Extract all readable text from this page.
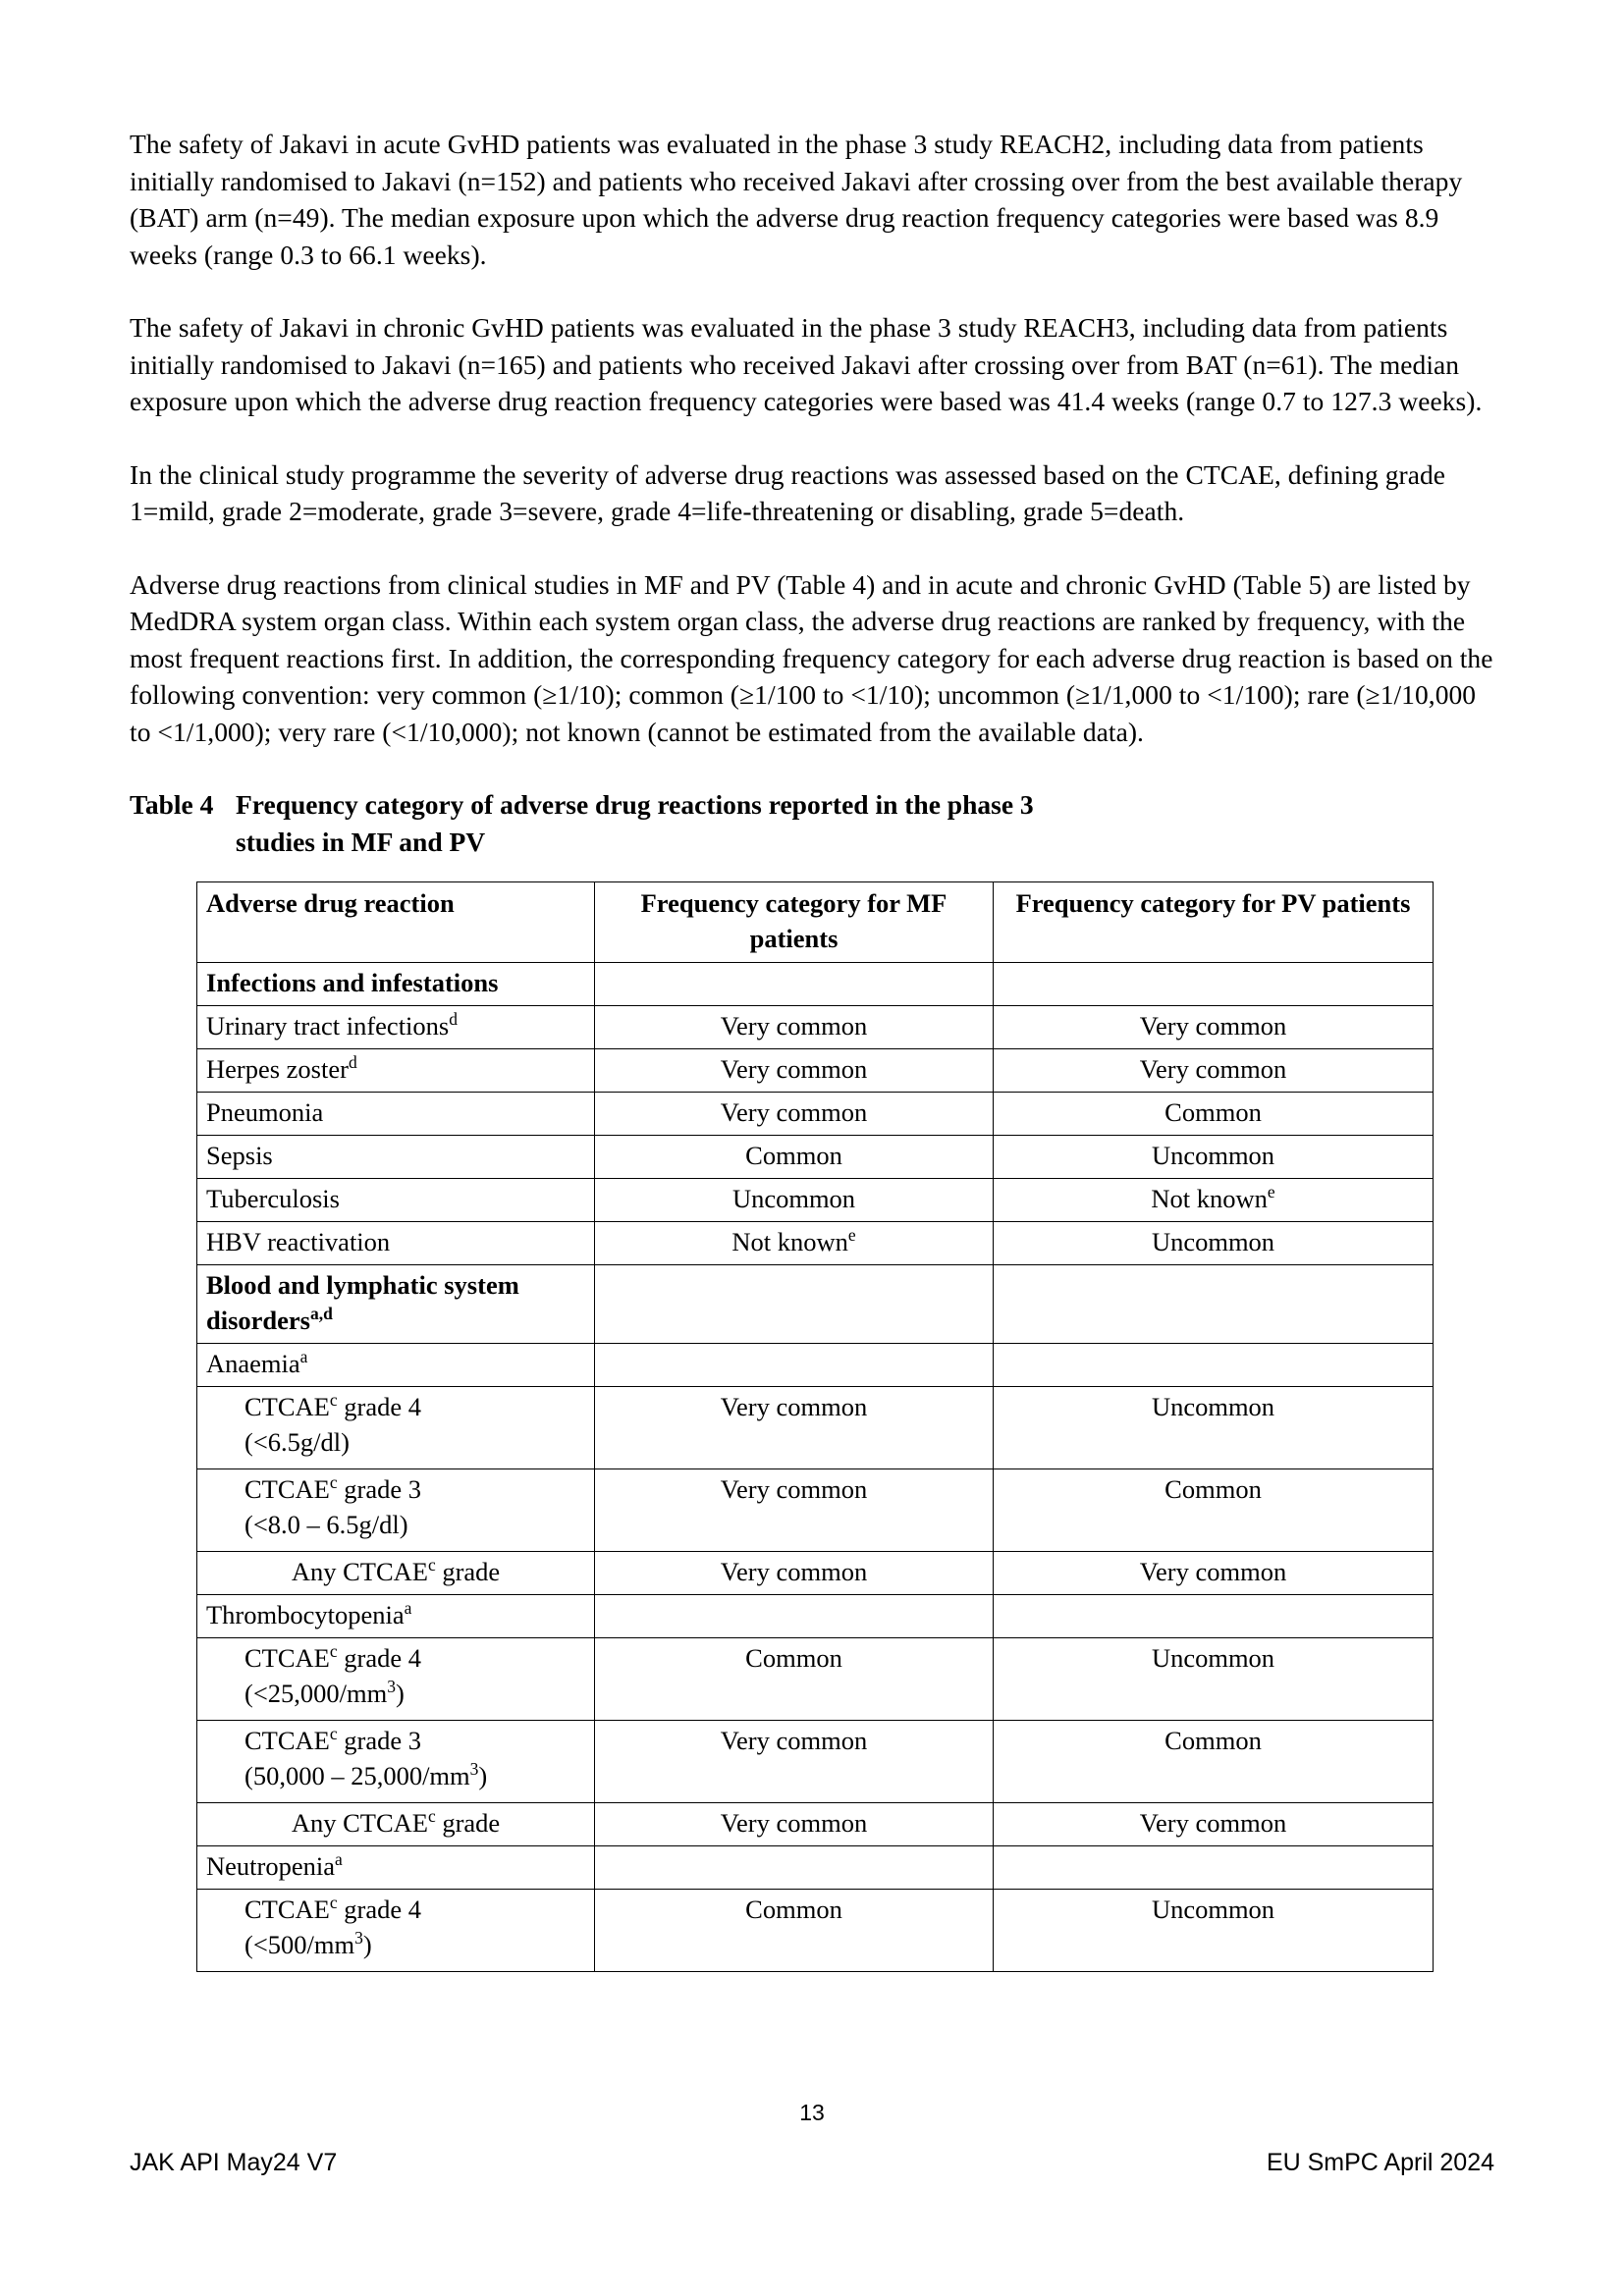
The safety of Jakavi in acute GvHD patients was evaluated in the phase 3 study REACH2, including data from patients initially randomised to Jakavi (n=152) and patients who received Jakavi after crossing over from the best available therapy (BAT) arm (n=49). The median exposure upon which the adverse drug reaction frequency categories were based was 8.9 weeks (range 0.3 to 66.1 weeks).

The safety of Jakavi in chronic GvHD patients was evaluated in the phase 3 study REACH3, including data from patients initially randomised to Jakavi (n=165) and patients who received Jakavi after crossing over from BAT (n=61). The median exposure upon which the adverse drug reaction frequency categories were based was 41.4 weeks (range 0.7 to 127.3 weeks).

In the clinical study programme the severity of adverse drug reactions was assessed based on the CTCAE, defining grade 1=mild, grade 2=moderate, grade 3=severe, grade 4=life-threatening or disabling, grade 5=death.

Adverse drug reactions from clinical studies in MF and PV (Table 4) and in acute and chronic GvHD (Table 5) are listed by MedDRA system organ class. Within each system organ class, the adverse drug reactions are ranked by frequency, with the most frequent reactions first. In addition, the corresponding frequency category for each adverse drug reaction is based on the following convention: very common (≥1/10); common (≥1/100 to <1/10); uncommon (≥1/1,000 to <1/100); rare (≥1/10,000 to <1/1,000); very rare (<1/10,000); not known (cannot be estimated from the available data).

Table 4 Frequency category of adverse drug reactions reported in the phase 3 studies in MF and PV
Adverse drug reaction	Frequency category for MF patients	Frequency category for PV patients
Infections and infestations		
Urinary tract infections$^d$	Very common	Very common
Herpes zoster$^d$	Very common	Very common
Pneumonia	Very common	Common
Sepsis	Common	Uncommon
Tuberculosis	Uncommon	Not known$^e$
HBV reactivation	Not known$^e$	Uncommon
Blood and lymphatic system disorders$^{a,d}$		
Anaemia$^a$		

CTCAE$^c$ grade 4
(<6.5g/dl)	Very common	Uncommon

CTCAE$^c$ grade 3
(<8.0 – 6.5g/dl)	Very common	Common
Any CTCAE$^c$ grade	Very common	Very common
Thrombocytopenia$^a$		

CTCAE$^c$ grade 4
$(<25,000/mm^3)$	Common	Uncommon

CTCAE$^c$ grade 3
$(50,000 - 25,000/mm^3)$	Very common	Common
Any CTCAE$^c$ grade	Very common	Very common
Neutropenia$^a$		

CTCAE$^c$ grade 4
$(<500/mm^3)$	Common	Uncommon
13
JAK API May24 V7	EU SmPC April 2024
